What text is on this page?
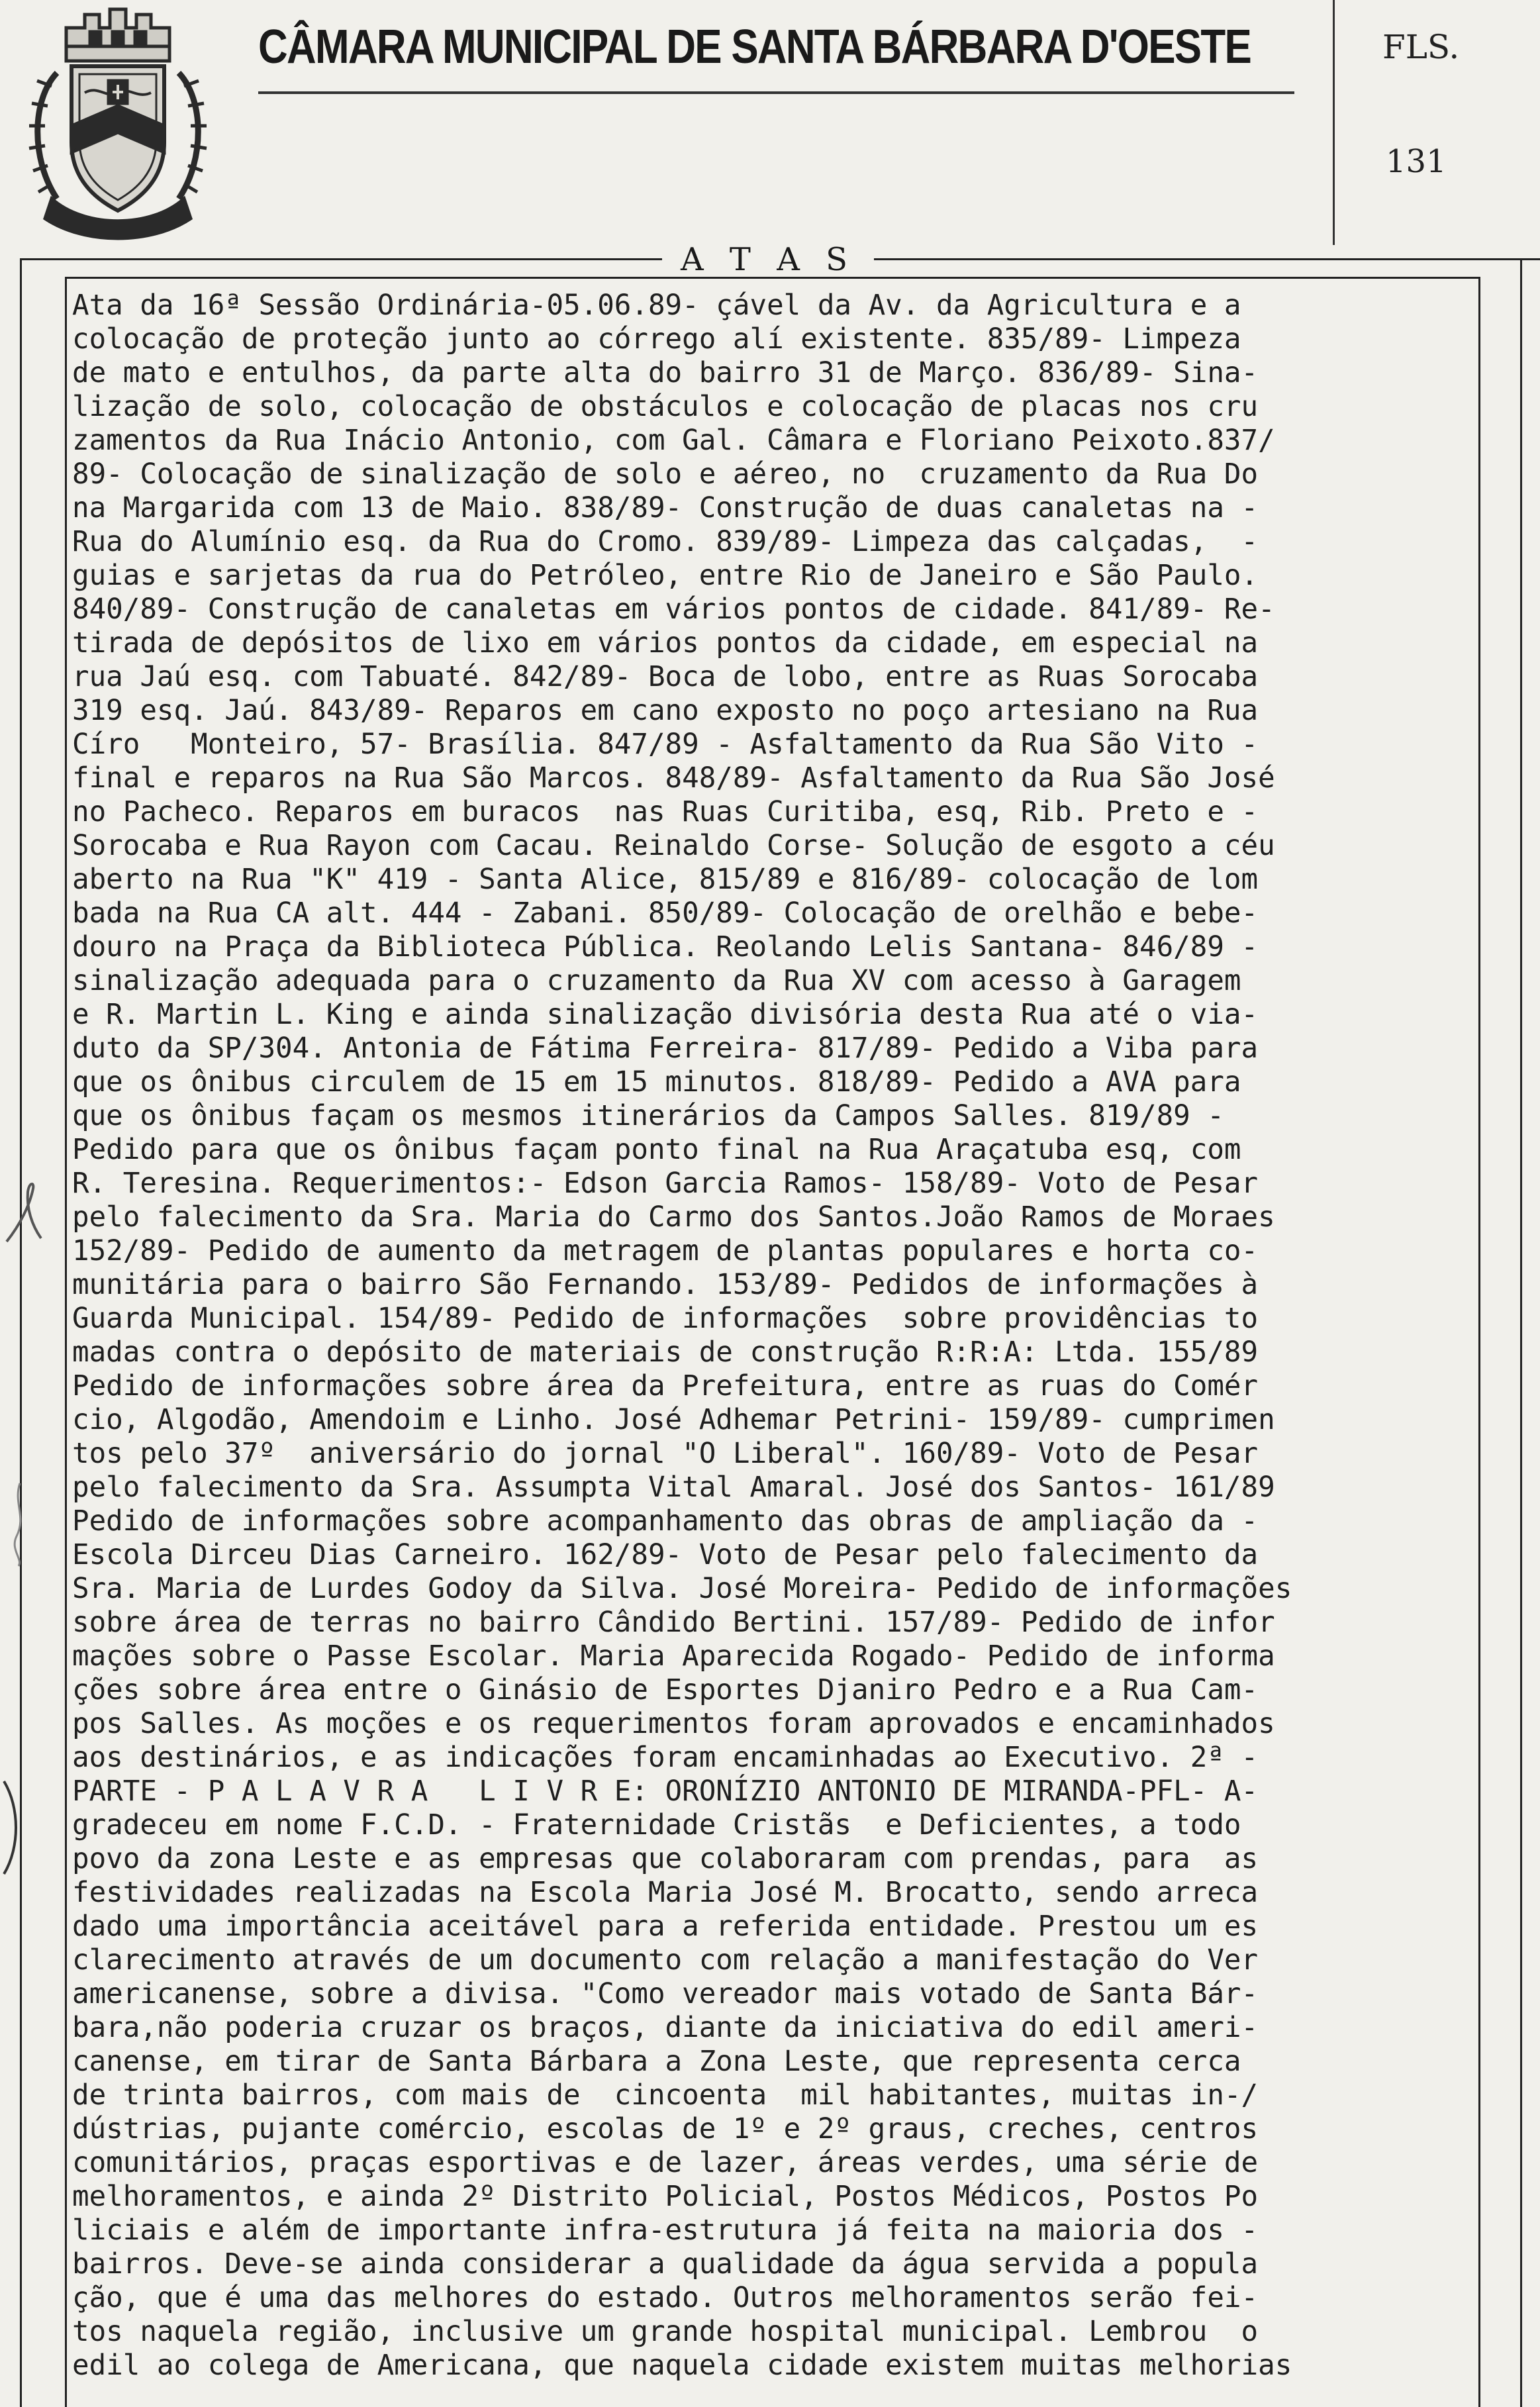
CÂMARA MUNICIPAL DE SANTA BÁRBARA D'OESTE	FLS.
131
A T A S
Ata da 16ª Sessão Ordinária-05.06.89- çável da Av. da Agricultura e a
colocação de proteção junto ao córrego alí existente. 835/89- Limpeza
de mato e entulhos, da parte alta do bairro 31 de Março. 836/89- Sina-
lização de solo, colocação de obstáculos e colocação de placas nos cru
zamentos da Rua Inácio Antonio, com Gal. Câmara e Floriano Peixoto.837/
89- Colocação de sinalização de solo e aéreo, no  cruzamento da Rua Do
na Margarida com 13 de Maio. 838/89- Construção de duas canaletas na -
Rua do Alumínio esq. da Rua do Cromo. 839/89- Limpeza das calçadas,  -
guias e sarjetas da rua do Petróleo, entre Rio de Janeiro e São Paulo.
840/89- Construção de canaletas em vários pontos de cidade. 841/89- Re-
tirada de depósitos de lixo em vários pontos da cidade, em especial na
rua Jaú esq. com Tabuaté. 842/89- Boca de lobo, entre as Ruas Sorocaba
319 esq. Jaú. 843/89- Reparos em cano exposto no poço artesiano na Rua
Círo   Monteiro, 57- Brasília. 847/89 - Asfaltamento da Rua São Vito -
final e reparos na Rua São Marcos. 848/89- Asfaltamento da Rua São José
no Pacheco. Reparos em buracos  nas Ruas Curitiba, esq, Rib. Preto e -
Sorocaba e Rua Rayon com Cacau. Reinaldo Corse- Solução de esgoto a céu
aberto na Rua "K" 419 - Santa Alice, 815/89 e 816/89- colocação de lom
bada na Rua CA alt. 444 - Zabani. 850/89- Colocação de orelhão e bebe-
douro na Praça da Biblioteca Pública. Reolando Lelis Santana- 846/89 -
sinalização adequada para o cruzamento da Rua XV com acesso à Garagem
e R. Martin L. King e ainda sinalização divisória desta Rua até o via-
duto da SP/304. Antonia de Fátima Ferreira- 817/89- Pedido a Viba para
que os ônibus circulem de 15 em 15 minutos. 818/89- Pedido a AVA para
que os ônibus façam os mesmos itinerários da Campos Salles. 819/89 -
Pedido para que os ônibus façam ponto final na Rua Araçatuba esq, com
R. Teresina. Requerimentos:- Edson Garcia Ramos- 158/89- Voto de Pesar
pelo falecimento da Sra. Maria do Carmo dos Santos.João Ramos de Moraes
152/89- Pedido de aumento da metragem de plantas populares e horta co-
munitária para o bairro São Fernando. 153/89- Pedidos de informações à
Guarda Municipal. 154/89- Pedido de informações  sobre providências to
madas contra o depósito de materiais de construção R:R:A: Ltda. 155/89
Pedido de informações sobre área da Prefeitura, entre as ruas do Comér
cio, Algodão, Amendoim e Linho. José Adhemar Petrini- 159/89- cumprimen
tos pelo 37º  aniversário do jornal "O Liberal". 160/89- Voto de Pesar
pelo falecimento da Sra. Assumpta Vital Amaral. José dos Santos- 161/89
Pedido de informações sobre acompanhamento das obras de ampliação da -
Escola Dirceu Dias Carneiro. 162/89- Voto de Pesar pelo falecimento da
Sra. Maria de Lurdes Godoy da Silva. José Moreira- Pedido de informações
sobre área de terras no bairro Cândido Bertini. 157/89- Pedido de infor
mações sobre o Passe Escolar. Maria Aparecida Rogado- Pedido de informa
ções sobre área entre o Ginásio de Esportes Djaniro Pedro e a Rua Cam-
pos Salles. As moções e os requerimentos foram aprovados e encaminhados
aos destinários, e as indicações foram encaminhadas ao Executivo. 2ª -
PARTE - P A L A V R A   L I V R E: ORONÍZIO ANTONIO DE MIRANDA-PFL- A-
gradeceu em nome F.C.D. - Fraternidade Cristãs  e Deficientes, a todo
povo da zona Leste e as empresas que colaboraram com prendas, para  as
festividades realizadas na Escola Maria José M. Brocatto, sendo arreca
dado uma importância aceitável para a referida entidade. Prestou um es
clarecimento através de um documento com relação a manifestação do Ver
americanense, sobre a divisa. "Como vereador mais votado de Santa Bár-
bara,não poderia cruzar os braços, diante da iniciativa do edil ameri-
canense, em tirar de Santa Bárbara a Zona Leste, que representa cerca
de trinta bairros, com mais de  cincoenta  mil habitantes, muitas in-/
dústrias, pujante comércio, escolas de 1º e 2º graus, creches, centros
comunitários, praças esportivas e de lazer, áreas verdes, uma série de
melhoramentos, e ainda 2º Distrito Policial, Postos Médicos, Postos Po
liciais e além de importante infra-estrutura já feita na maioria dos -
bairros. Deve-se ainda considerar a qualidade da água servida a popula
ção, que é uma das melhores do estado. Outros melhoramentos serão fei-
tos naquela região, inclusive um grande hospital municipal. Lembrou  o
edil ao colega de Americana, que naquela cidade existem muitas melhorias
